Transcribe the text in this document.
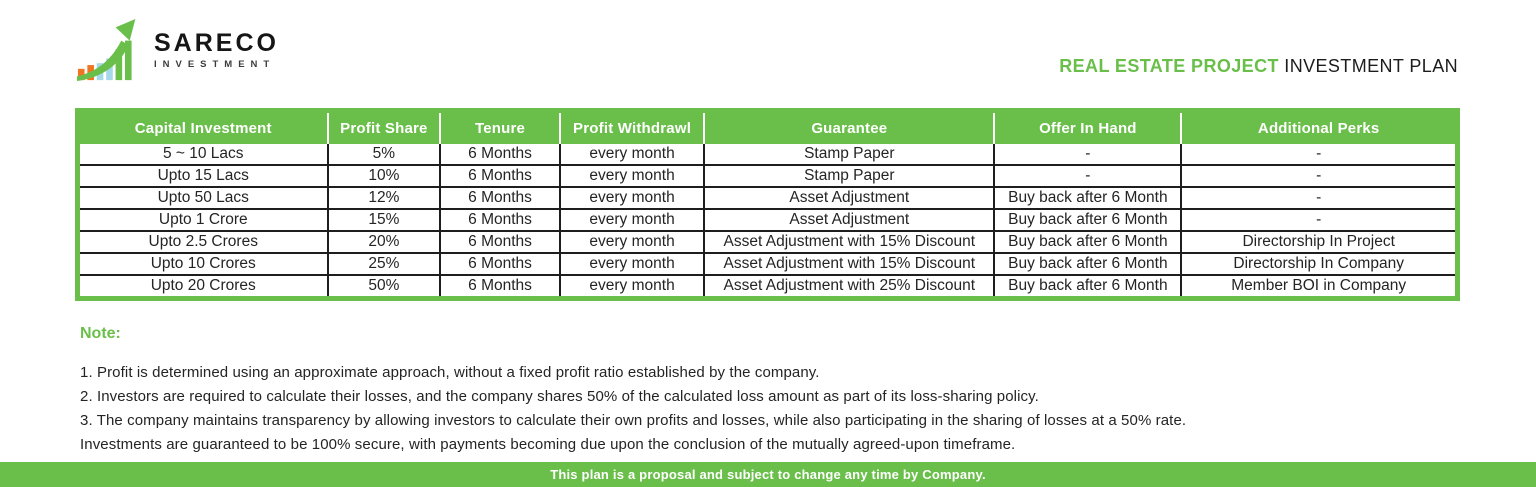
SARECO
INVESTMENT	REAL ESTATE PROJECT INVESTMENT PLAN
Capital Investment	Profit Share	Tenure	Profit Withdrawl	Guarantee	Offer In Hand	Additional Perks
5 ~ 10 Lacs	5%	6 Months	every month	Stamp Paper	-	-
Upto 15 Lacs	10%	6 Months	every month	Stamp Paper	-	-
Upto 50 Lacs	12%	6 Months	every month	Asset Adjustment	Buy back after 6 Month	-
Upto 1 Crore	15%	6 Months	every month	Asset Adjustment	Buy back after 6 Month	-
Upto 2.5 Crores	20%	6 Months	every month	Asset Adjustment with 15% Discount	Buy back after 6 Month	Directorship In Project
Upto 10 Crores	25%	6 Months	every month	Asset Adjustment with 15% Discount	Buy back after 6 Month	Directorship In Company
Upto 20 Crores	50%	6 Months	every month	Asset Adjustment with 25% Discount	Buy back after 6 Month	Member BOI in Company
Note:
1. Profit is determined using an approximate approach, without a fixed profit ratio established by the company.
2. Investors are required to calculate their losses, and the company shares 50% of the calculated loss amount as part of its loss-sharing policy.
3. The company maintains transparency by allowing investors to calculate their own profits and losses, while also participating in the sharing of losses at a 50% rate.
Investments are guaranteed to be 100% secure, with payments becoming due upon the conclusion of the mutually agreed-upon timeframe.
This plan is a proposal and subject to change any time by Company.
